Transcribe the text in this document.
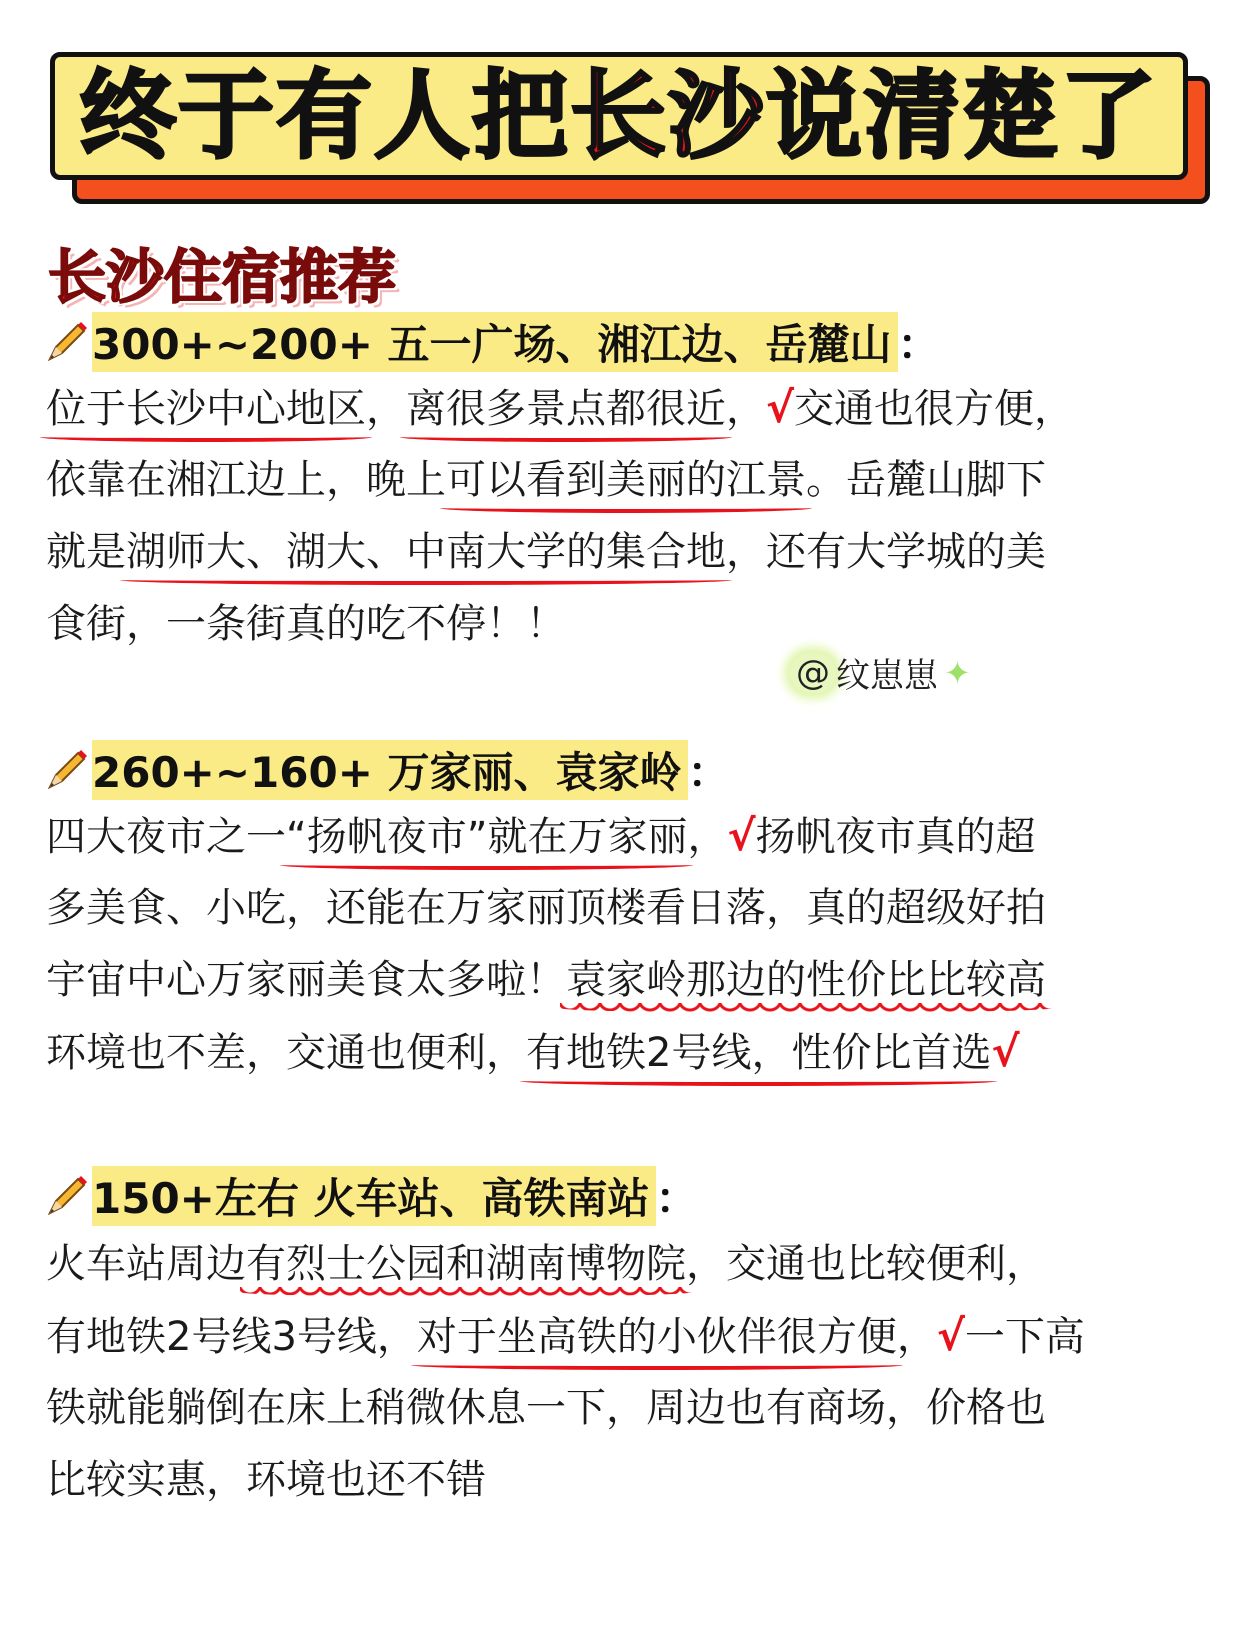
终于有人把长沙说清楚了
长沙住宿推荐
300+~200+ 五一广场、湘江边、岳麓山 ：
位于长沙中心地区，离很多景点都很近，√交通也很方便，
依靠在湘江边上，晚上可以看到美丽的江景。岳麓山脚下
就是湖师大、湖大、中南大学的集合地，还有大学城的美
食街，一条街真的吃不停！！
@ 纹崽崽 ✦
260+~160+ 万家丽、袁家岭 ：
四大夜市之一“扬帆夜市”就在万家丽，√扬帆夜市真的超
多美食、小吃，还能在万家丽顶楼看日落，真的超级好拍
宇宙中心万家丽美食太多啦！袁家岭那边的性价比比较高
环境也不差，交通也便利，有地铁2号线，性价比首选√
150+左右 火车站、高铁南站 ：
火车站周边有烈士公园和湖南博物院，交通也比较便利，
有地铁2号线3号线，对于坐高铁的小伙伴很方便，√一下高
铁就能躺倒在床上稍微休息一下，周边也有商场，价格也
比较实惠，环境也还不错
